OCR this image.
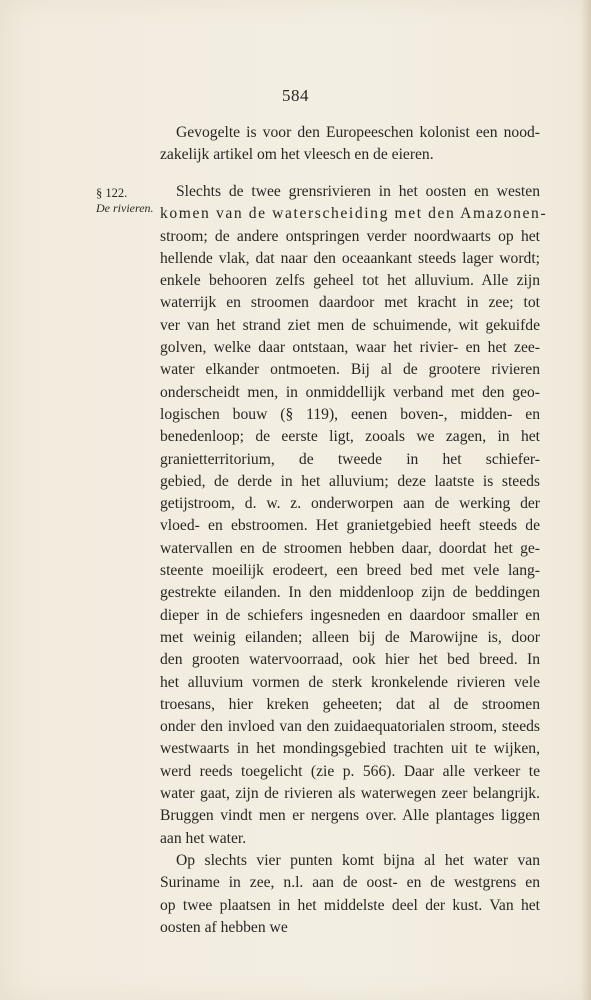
584
Gevogelte is voor den Europeeschen kolonist een nood-
zakelijk artikel om het vleesch en de eieren.
§ 122.
De rivieren.
Slechts de twee grensrivieren in het oosten en westen
komen van de waterscheiding met den Amazonen-
stroom; de andere ontspringen verder noordwaarts op het
hellende vlak, dat naar den oceaankant steeds lager wordt;
enkele behooren zelfs geheel tot het alluvium. Alle zijn
waterrijk en stroomen daardoor met kracht in zee; tot
ver van het strand ziet men de schuimende, wit gekuifde
golven, welke daar ontstaan, waar het rivier- en het zee-
water elkander ontmoeten. Bij al de grootere rivieren
onderscheidt men, in onmiddellijk verband met den geo-
logischen bouw (§ 119), eenen boven-, midden- en
benedenloop; de eerste ligt, zooals we zagen, in het
granietterritorium, de tweede in het schiefer-
gebied, de derde in het alluvium; deze laatste is steeds
getijstroom, d. w. z. onderworpen aan de werking der
vloed- en ebstroomen. Het granietgebied heeft steeds de
watervallen en de stroomen hebben daar, doordat het ge-
steente moeilijk erodeert, een breed bed met vele lang-
gestrekte eilanden. In den middenloop zijn de beddingen
dieper in de schiefers ingesneden en daardoor smaller en
met weinig eilanden; alleen bij de Marowijne is, door
den grooten watervoorraad, ook hier het bed breed. In
het alluvium vormen de sterk kronkelende rivieren vele
troesans, hier kreken geheeten; dat al de stroomen
onder den invloed van den zuidaequatorialen stroom, steeds
westwaarts in het mondingsgebied trachten uit te wijken,
werd reeds toegelicht (zie p. 566). Daar alle verkeer te
water gaat, zijn de rivieren als waterwegen zeer belangrijk.
Bruggen vindt men er nergens over. Alle plantages liggen
aan het water.
Op slechts vier punten komt bijna al het water van
Suriname in zee, n.l. aan de oost- en de westgrens en
op twee plaatsen in het middelste deel der kust. Van het
oosten af hebben we
